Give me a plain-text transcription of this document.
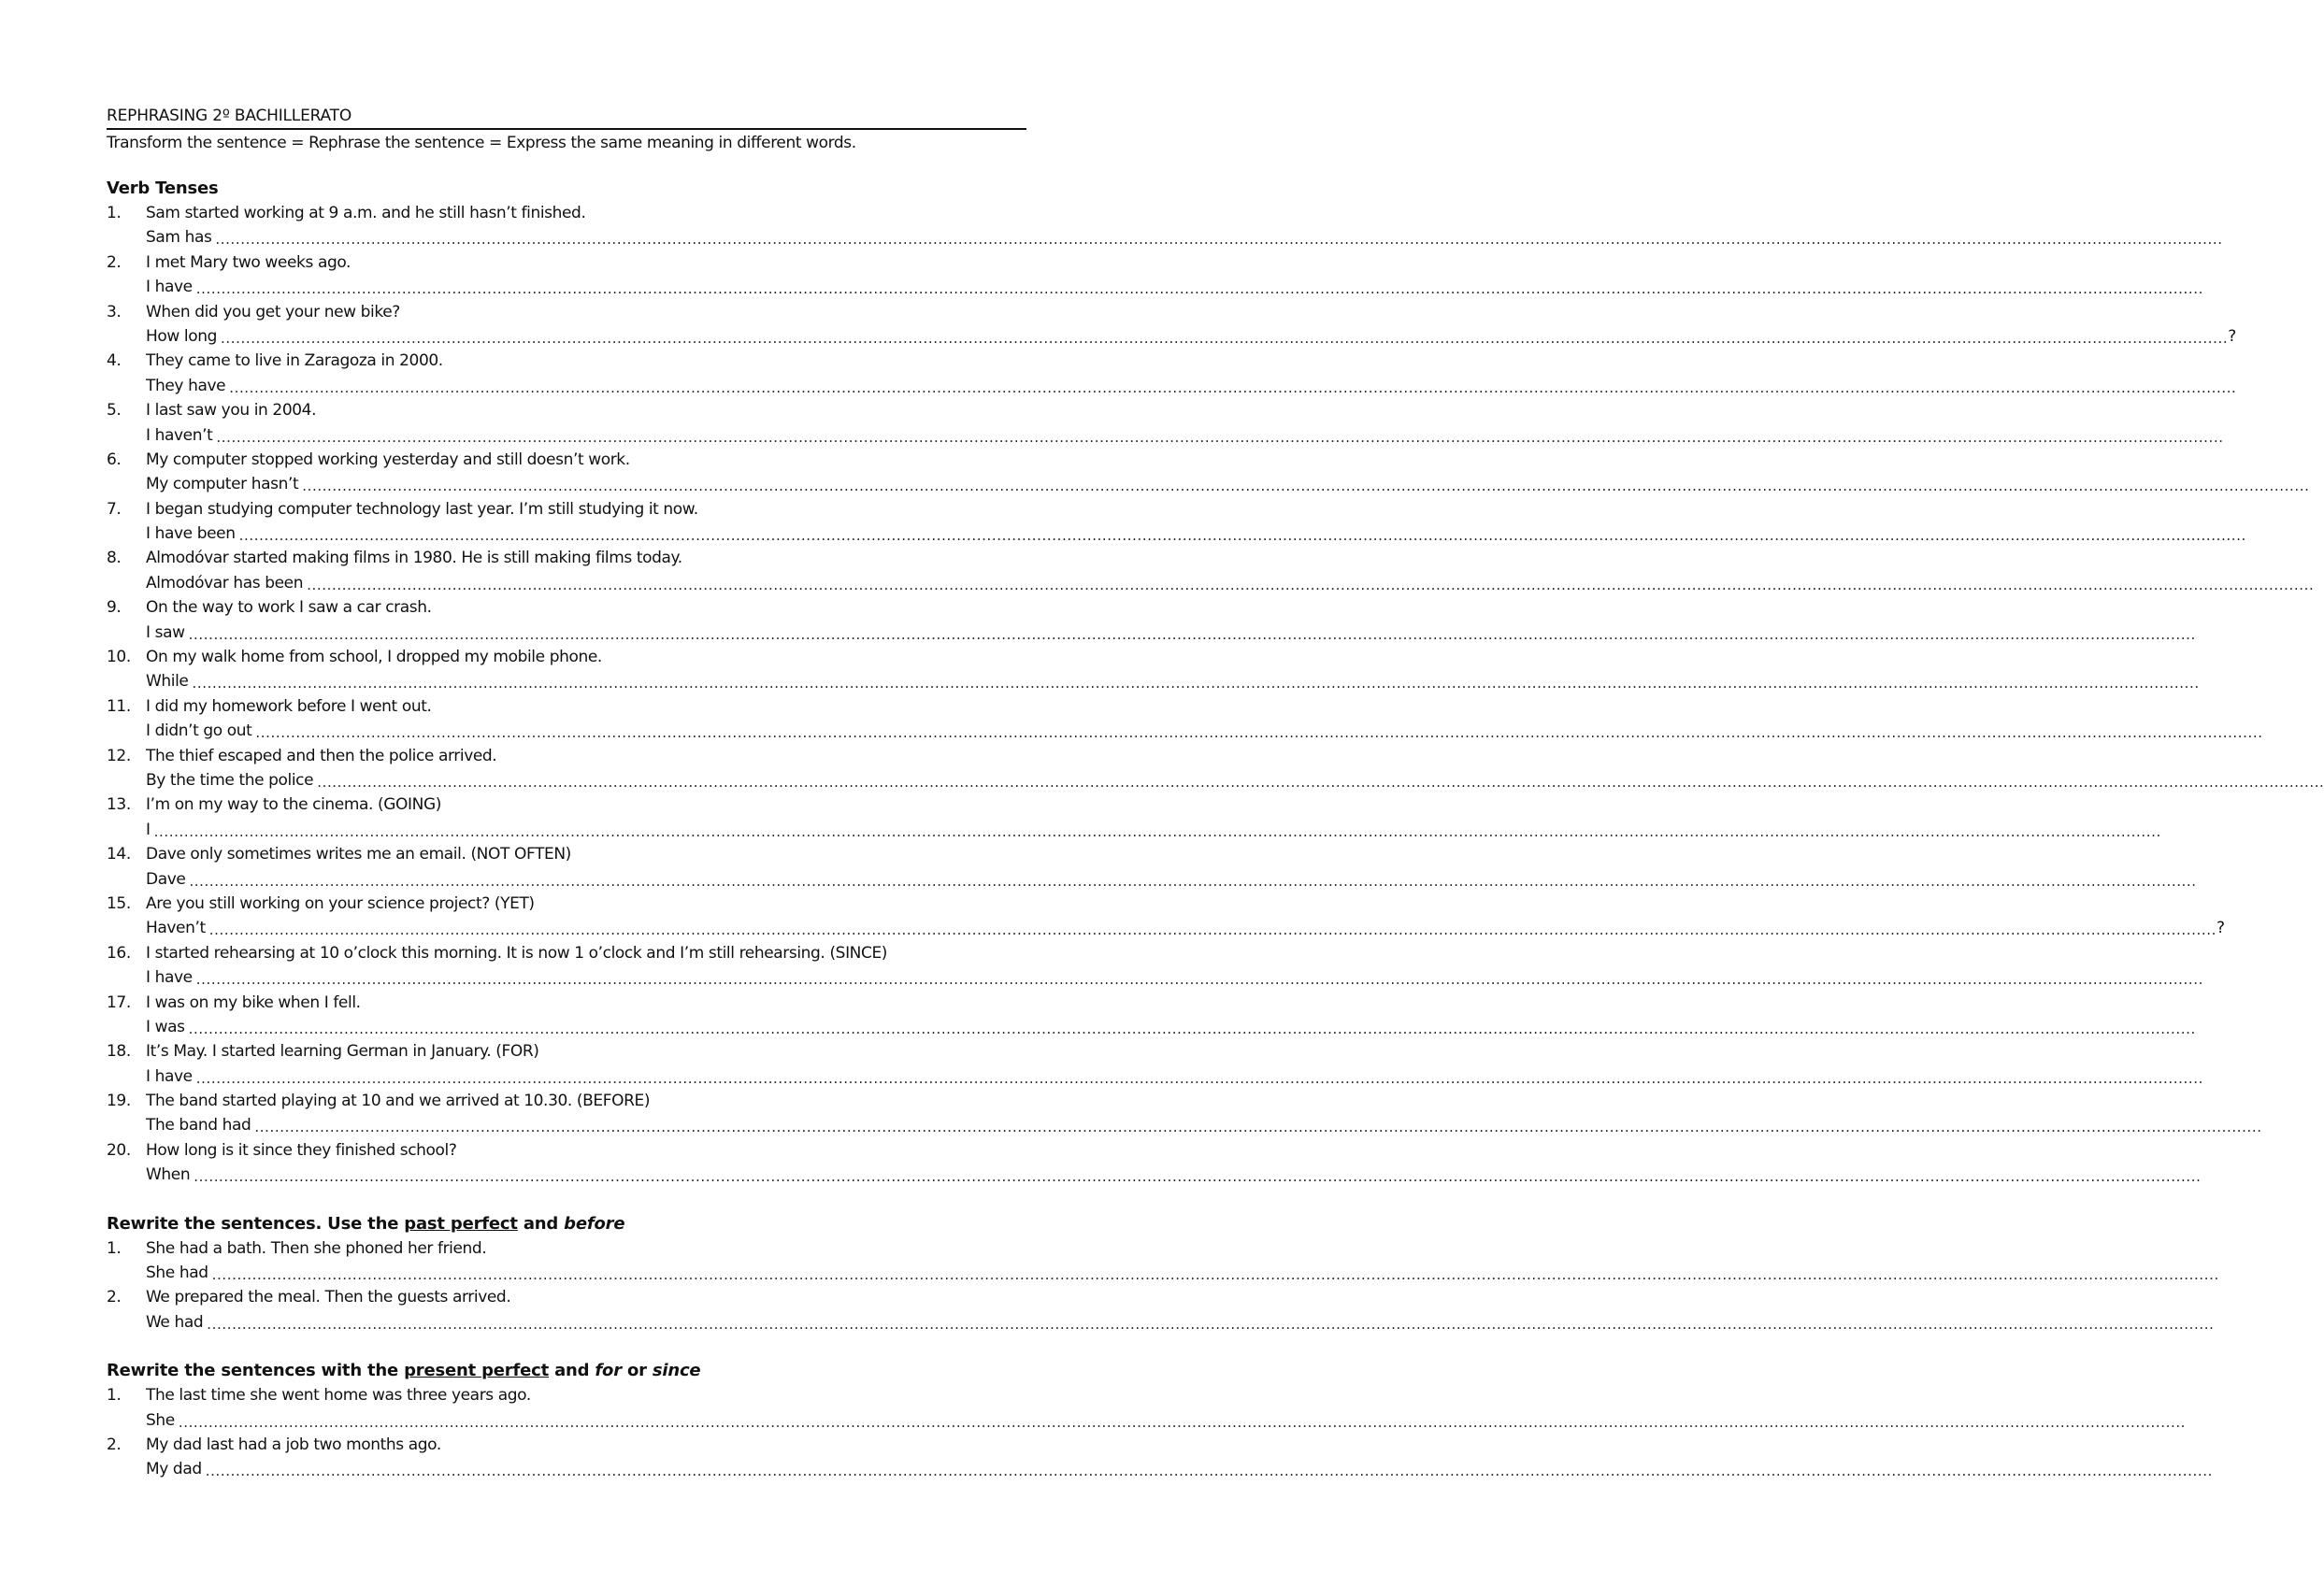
REPHRASING 2º BACHILLERATO
Transform the sentence = Rephrase the sentence = Express the same meaning in different words.
Verb Tenses
1.	Sam started working at 9 a.m. and he still hasn’t finished.
Sam has ................................................................................................................................................................................................................................................................................................................................................................................................................
2.	I met Mary two weeks ago.
I have ................................................................................................................................................................................................................................................................................................................................................................................................................
3.	When did you get your new bike?
How long ................................................................................................................................................................................................................................................................................................................................................................................................................ ?
4.	They came to live in Zaragoza in 2000.
They have ................................................................................................................................................................................................................................................................................................................................................................................................................
5.	I last saw you in 2004.
I haven’t ................................................................................................................................................................................................................................................................................................................................................................................................................
6.	My computer stopped working yesterday and still doesn’t work.
My computer hasn’t ................................................................................................................................................................................................................................................................................................................................................................................................................
7.	I began studying computer technology last year. I’m still studying it now.
I have been ................................................................................................................................................................................................................................................................................................................................................................................................................
8.	Almodóvar started making films in 1980. He is still making films today.
Almodóvar has been ................................................................................................................................................................................................................................................................................................................................................................................................................
9.	On the way to work I saw a car crash.
I saw ................................................................................................................................................................................................................................................................................................................................................................................................................
10. On my walk home from school, I dropped my mobile phone.
While ................................................................................................................................................................................................................................................................................................................................................................................................................
11. I did my homework before I went out.
I didn’t go out ................................................................................................................................................................................................................................................................................................................................................................................................................
12. The thief escaped and then the police arrived.
By the time the police ................................................................................................................................................................................................................................................................................................................................................................................................................
13. I’m on my way to the cinema. (GOING)
I ................................................................................................................................................................................................................................................................................................................................................................................................................
14. Dave only sometimes writes me an email. (NOT OFTEN)
Dave ................................................................................................................................................................................................................................................................................................................................................................................................................
15. Are you still working on your science project? (YET)
Haven’t ................................................................................................................................................................................................................................................................................................................................................................................................................ ?
16. I started rehearsing at 10 o’clock this morning. It is now 1 o’clock and I’m still rehearsing. (SINCE)
I have ................................................................................................................................................................................................................................................................................................................................................................................................................
17. I was on my bike when I fell.
I was ................................................................................................................................................................................................................................................................................................................................................................................................................
18. It’s May. I started learning German in January. (FOR)
I have ................................................................................................................................................................................................................................................................................................................................................................................................................
19. The band started playing at 10 and we arrived at 10.30. (BEFORE)
The band had ................................................................................................................................................................................................................................................................................................................................................................................................................
20. How long is it since they finished school?
When ................................................................................................................................................................................................................................................................................................................................................................................................................
Rewrite the sentences. Use the past perfect and before
1.	She had a bath. Then she phoned her friend.
She had ................................................................................................................................................................................................................................................................................................................................................................................................................
2.	We prepared the meal. Then the guests arrived.
We had ................................................................................................................................................................................................................................................................................................................................................................................................................
Rewrite the sentences with the present perfect and for or since
1.	The last time she went home was three years ago.
She ................................................................................................................................................................................................................................................................................................................................................................................................................
2.	My dad last had a job two months ago.
My dad ................................................................................................................................................................................................................................................................................................................................................................................................................
